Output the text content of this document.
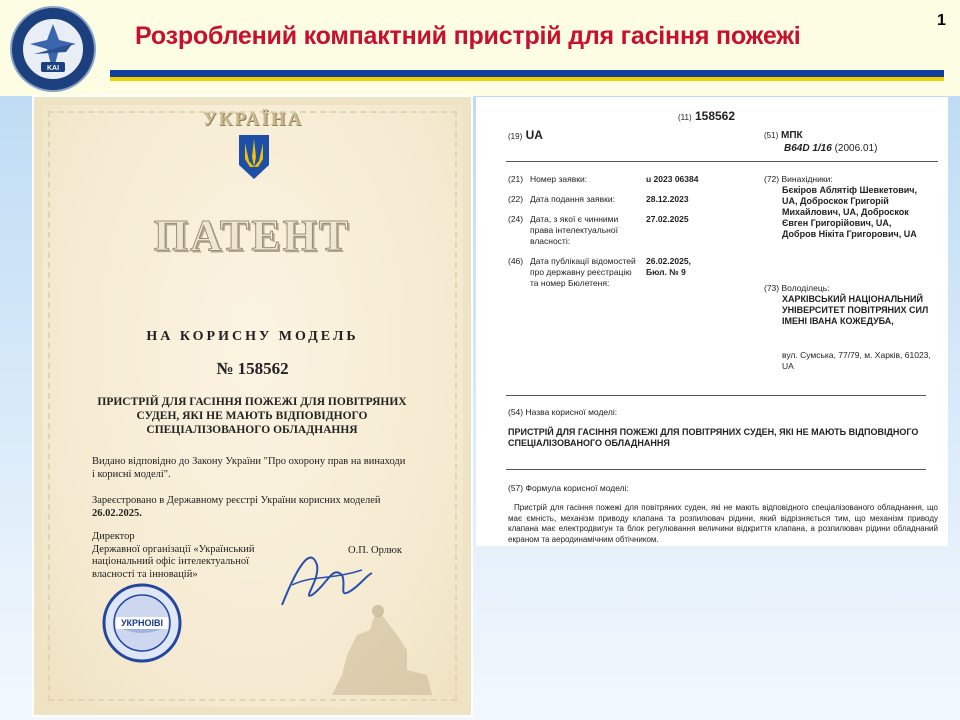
KAI
Розроблений компактний пристрій для гасіння пожежі
1
УКРАЇНА
ПАТЕНТ
НА КОРИСНУ МОДЕЛЬ
№ 158562
ПРИСТРІЙ ДЛЯ ГАСІННЯ ПОЖЕЖІ ДЛЯ ПОВІТРЯНИХ
СУДЕН, ЯКІ НЕ МАЮТЬ ВІДПОВІДНОГО
СПЕЦІАЛІЗОВАНОГО ОБЛАДНАННЯ
Видано відповідно до Закону України "Про охорону прав на винаходи
і корисні моделі".
Зареєстровано в Державному реєстрі України корисних моделей
26.02.2025.
Директор
Державної організації «Український
національний офіс інтелектуальної
власності та інновацій»
О.П. Орлюк
УКРНОІВІ
(11) 158562
(19) UA	(51) МПК
B64D 1/16 (2006.01)
(21) Номер заявки:	u 2023 06384
(22) Дата подання заявки:	28.12.2023
(24) Дата, з якої є чинними права інтелектуальної власності:
27.02.2025
(46) Дата публікації відомостей про державну реєстрацію та номер Бюлетеня:
26.02.2025, Бюл. № 9
(72) Винахідники:
Бєкіров Аблятіф Шевкетович, UA, Доброскок Григорій Михайлович, UA, Доброскок Євген Григорійович, UA, Добров Нікіта Григорович, UA
(73) Володілець:
ХАРКІВСЬКИЙ НАЦІОНАЛЬНИЙ УНІВЕРСИТЕТ ПОВІТРЯНИХ СИЛ ІМЕНІ ІВАНА КОЖЕДУБА,
вул. Сумська, 77/79, м. Харків, 61023, UA
(54) Назва корисної моделі:
ПРИСТРІЙ ДЛЯ ГАСІННЯ ПОЖЕЖІ ДЛЯ ПОВІТРЯНИХ СУДЕН, ЯКІ НЕ МАЮТЬ ВІДПОВІДНОГО СПЕЦІАЛІЗОВАНОГО ОБЛАДНАННЯ
(57) Формула корисної моделі:
Пристрій для гасіння пожежі для повітряних суден, які не мають відповідного спеціалізованого обладнання, що має ємність, механізм приводу клапана та розпилювач рідини, який відрізняється тим, що механізм приводу клапана має електродвигун та блок регулювання величини відкриття клапана, а розпилювач рідини обладнаний екраном та аеродинамічним обтічником.
